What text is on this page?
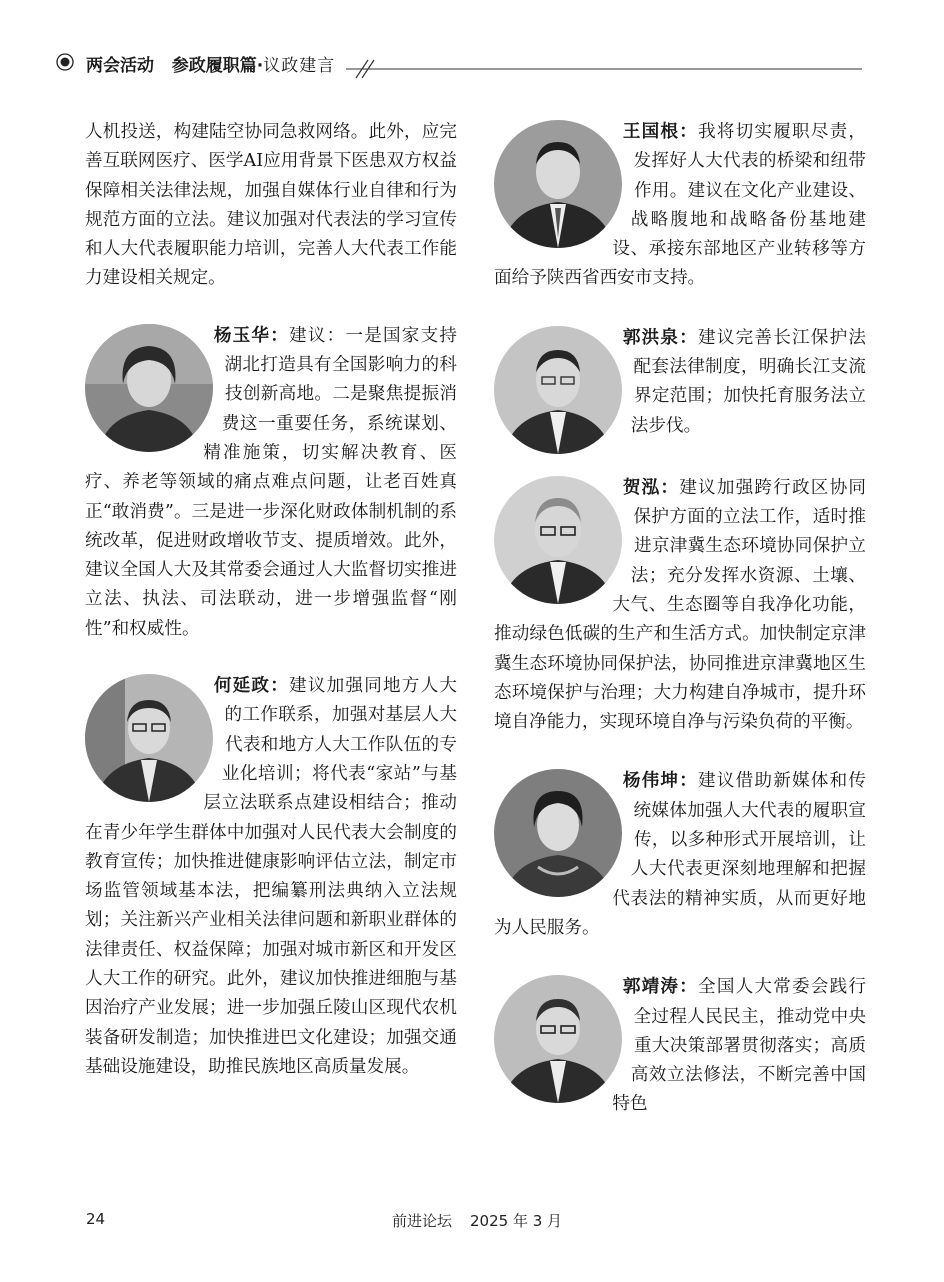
两会活动 参政履职篇·议政建言

人机投送，构建陆空协同急救网络。此外，应完善互联网医疗、医学AI应用背景下医患双方权益保障相关法律法规，加强自媒体行业自律和行为规范方面的立法。建议加强对代表法的学习宣传和人大代表履职能力培训，完善人大代表工作能力建设相关规定。

杨玉华：建议：一是国家支持湖北打造具有全国影响力的科技创新高地。二是聚焦提振消费这一重要任务，系统谋划、精准施策，切实解决教育、医疗、养老等领域的痛点难点问题，让老百姓真正“敢消费”。三是进一步深化财政体制机制的系统改革，促进财政增收节支、提质增效。此外，建议全国人大及其常委会通过人大监督切实推进立法、执法、司法联动，进一步增强监督“刚性”和权威性。

何延政：建议加强同地方人大的工作联系，加强对基层人大代表和地方人大工作队伍的专业化培训；将代表“家站”与基层立法联系点建设相结合；推动在青少年学生群体中加强对人民代表大会制度的教育宣传；加快推进健康影响评估立法，制定市场监管领域基本法，把编纂刑法典纳入立法规划；关注新兴产业相关法律问题和新职业群体的法律责任、权益保障；加强对城市新区和开发区人大工作的研究。此外，建议加快推进细胞与基因治疗产业发展；进一步加强丘陵山区现代农机装备研发制造；加快推进巴文化建设；加强交通基础设施建设，助推民族地区高质量发展。

王国根：我将切实履职尽责，发挥好人大代表的桥梁和纽带作用。建议在文化产业建设、战略腹地和战略备份基地建设、承接东部地区产业转移等方面给予陕西省西安市支持。

郭洪泉：建议完善长江保护法配套法律制度，明确长江支流界定范围；加快托育服务法立法步伐。

贺泓：建议加强跨行政区协同保护方面的立法工作，适时推进京津冀生态环境协同保护立法；充分发挥水资源、土壤、大气、生态圈等自我净化功能，推动绿色低碳的生产和生活方式。加快制定京津冀生态环境协同保护法，协同推进京津冀地区生态环境保护与治理；大力构建自净城市，提升环境自净能力，实现环境自净与污染负荷的平衡。

杨伟坤：建议借助新媒体和传统媒体加强人大代表的履职宣传，以多种形式开展培训，让人大代表更深刻地理解和把握代表法的精神实质，从而更好地为人民服务。

郭靖涛：全国人大常委会践行全过程人民民主，推动党中央重大决策部署贯彻落实；高质高效立法修法，不断完善中国特色

24	前进论坛 2025 年 3 月
